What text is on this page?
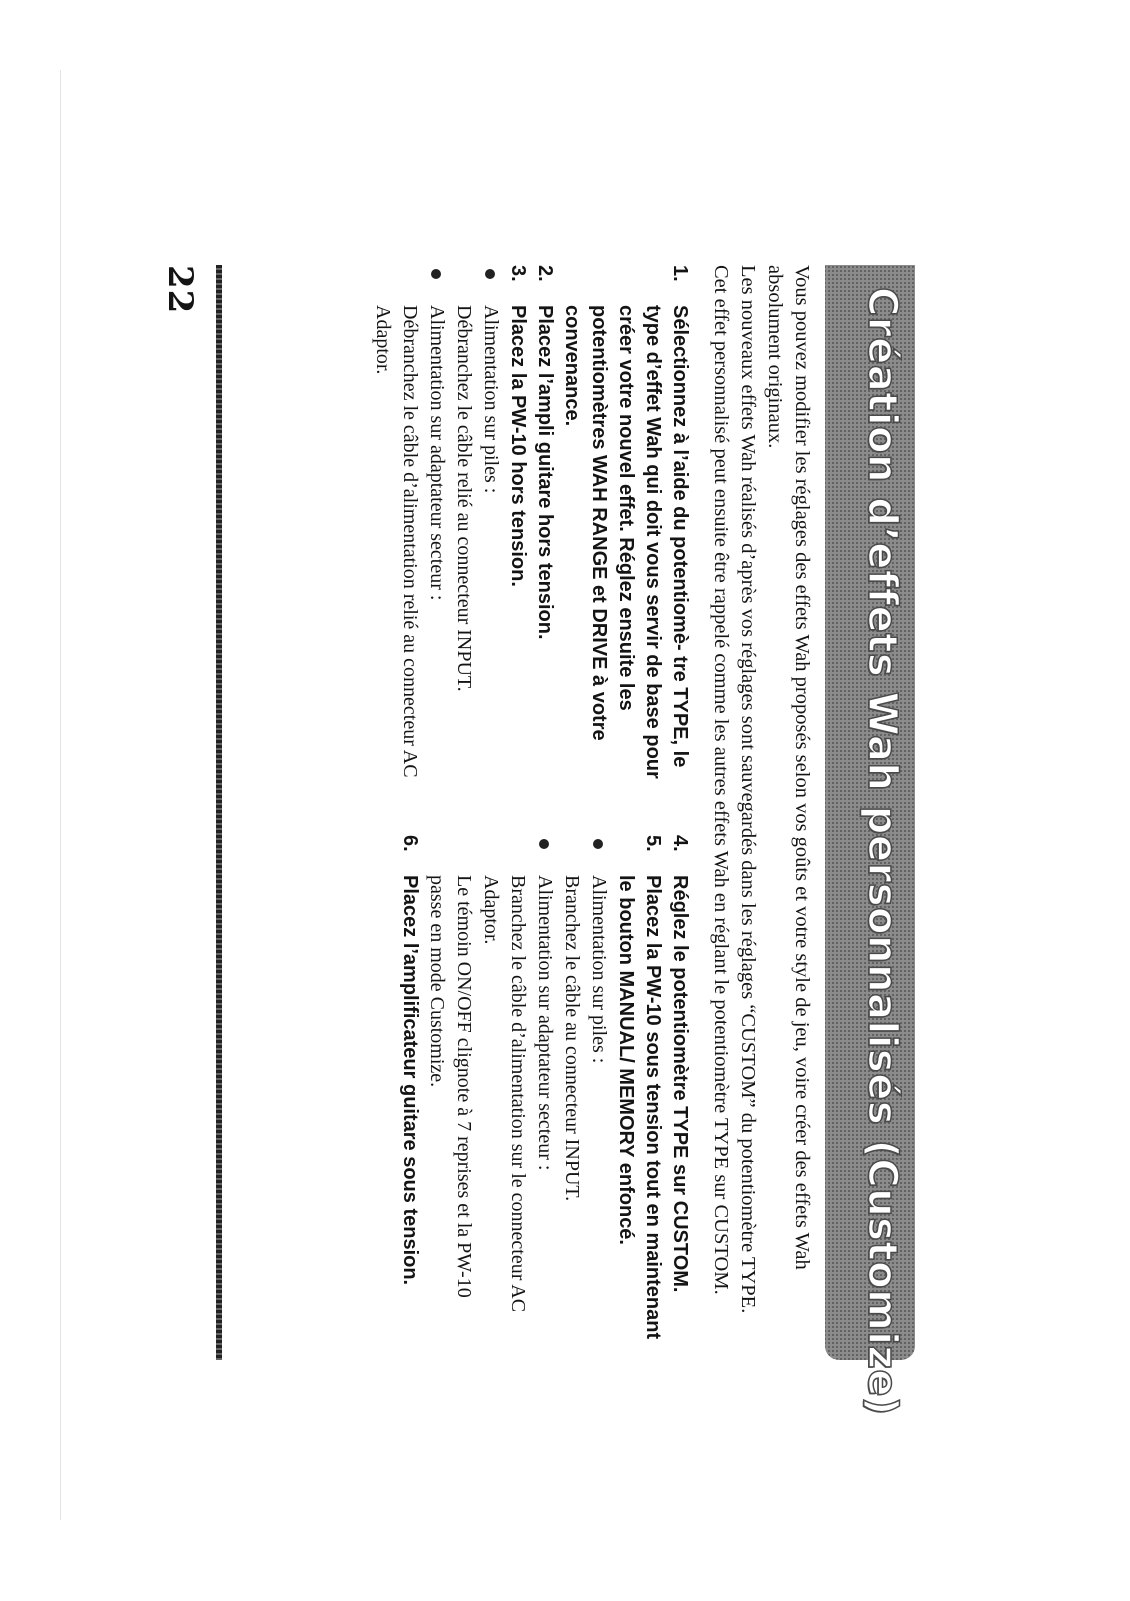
Création d’effets Wah personnalisés (Customize)

Vous pouvez modifier les réglages des effets Wah proposés selon vos goûts et votre style de jeu, voire créer des effets Wah absolument originaux.

Les nouveaux effets Wah réalisés d’après vos réglages sont sauvegardés dans les réglages “CUSTOM” du potentiomètre TYPE. Cet effet personnalisé peut ensuite être rappelé comme les autres effets Wah en réglant le potentiomètre TYPE sur CUSTOM.

1.
Sélectionnez à l’aide du potentiomè- tre TYPE, le type d’effet Wah qui doit vous servir de base pour créer votre nouvel effet. Réglez ensuite les potentiomètres WAH RANGE et DRIVE à votre convenance.
2.
Placez l’ampli guitare hors tension.
3.
Placez la PW-10 hors tension.
Alimentation sur piles :
Débranchez le câble relié au connecteur INPUT.
Alimentation sur adaptateur secteur :
Débranchez le câble d’alimentation relié au connecteur AC Adaptor.
4.
Réglez le potentiomètre TYPE sur CUSTOM.
5.
Placez la PW-10 sous tension tout en maintenant le bouton MANUAL/ MEMORY enfoncé.
Alimentation sur piles :
Branchez le câble au connecteur INPUT.
Alimentation sur adaptateur secteur :
Branchez le câble d’alimentation sur le connecteur AC Adaptor.
Le témoin ON/OFF clignote à 7 reprises et la PW-10 passe en mode Customize.
6.
Placez l’amplificateur guitare sous tension.
22
